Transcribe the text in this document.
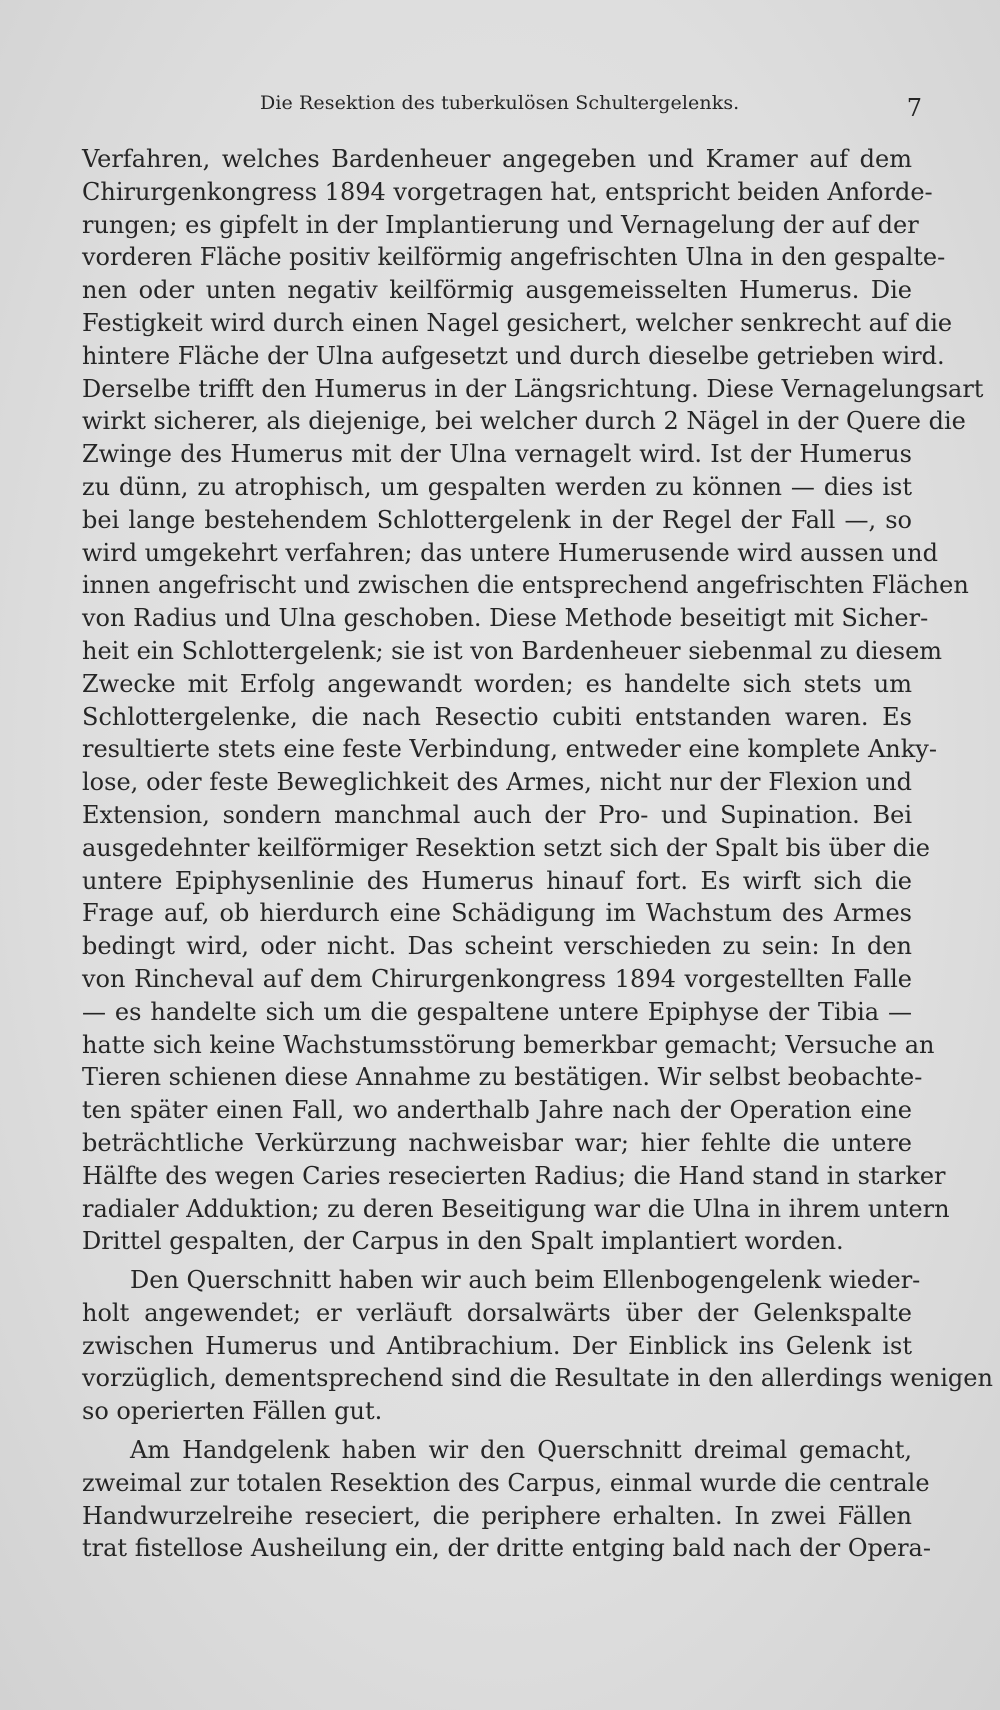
Die Resektion des tuberkulösen Schultergelenks.	7
Verfahren, welches Bardenheuer angegeben und Kramer auf dem
Chirurgenkongress 1894 vorgetragen hat, entspricht beiden Anforde-
rungen; es gipfelt in der Implantierung und Vernagelung der auf der
vorderen Fläche positiv keilförmig angefrischten Ulna in den gespalte-
nen oder unten negativ keilförmig ausgemeisselten Humerus. Die
Festigkeit wird durch einen Nagel gesichert, welcher senkrecht auf die
hintere Fläche der Ulna aufgesetzt und durch dieselbe getrieben wird.
Derselbe trifft den Humerus in der Längsrichtung. Diese Vernagelungsart
wirkt sicherer, als diejenige, bei welcher durch 2 Nägel in der Quere die
Zwinge des Humerus mit der Ulna vernagelt wird. Ist der Humerus
zu dünn, zu atrophisch, um gespalten werden zu können — dies ist
bei lange bestehendem Schlottergelenk in der Regel der Fall —, so
wird umgekehrt verfahren; das untere Humerusende wird aussen und
innen angefrischt und zwischen die entsprechend angefrischten Flächen
von Radius und Ulna geschoben. Diese Methode beseitigt mit Sicher-
heit ein Schlottergelenk; sie ist von Bardenheuer siebenmal zu diesem
Zwecke mit Erfolg angewandt worden; es handelte sich stets um
Schlottergelenke, die nach Resectio cubiti entstanden waren. Es
resultierte stets eine feste Verbindung, entweder eine komplete Anky-
lose, oder feste Beweglichkeit des Armes, nicht nur der Flexion und
Extension, sondern manchmal auch der Pro- und Supination. Bei
ausgedehnter keilförmiger Resektion setzt sich der Spalt bis über die
untere Epiphysenlinie des Humerus hinauf fort. Es wirft sich die
Frage auf, ob hierdurch eine Schädigung im Wachstum des Armes
bedingt wird, oder nicht. Das scheint verschieden zu sein: In den
von Rincheval auf dem Chirurgenkongress 1894 vorgestellten Falle
— es handelte sich um die gespaltene untere Epiphyse der Tibia —
hatte sich keine Wachstumsstörung bemerkbar gemacht; Versuche an
Tieren schienen diese Annahme zu bestätigen. Wir selbst beobachte-
ten später einen Fall, wo anderthalb Jahre nach der Operation eine
beträchtliche Verkürzung nachweisbar war; hier fehlte die untere
Hälfte des wegen Caries resecierten Radius; die Hand stand in starker
radialer Adduktion; zu deren Beseitigung war die Ulna in ihrem untern
Drittel gespalten, der Carpus in den Spalt implantiert worden.
Den Querschnitt haben wir auch beim Ellenbogengelenk wieder-
holt angewendet; er verläuft dorsalwärts über der Gelenkspalte
zwischen Humerus und Antibrachium. Der Einblick ins Gelenk ist
vorzüglich, dementsprechend sind die Resultate in den allerdings wenigen
so operierten Fällen gut.
Am Handgelenk haben wir den Querschnitt dreimal gemacht,
zweimal zur totalen Resektion des Carpus, einmal wurde die centrale
Handwurzelreihe reseciert, die periphere erhalten. In zwei Fällen
trat fistellose Ausheilung ein, der dritte entging bald nach der Opera-
